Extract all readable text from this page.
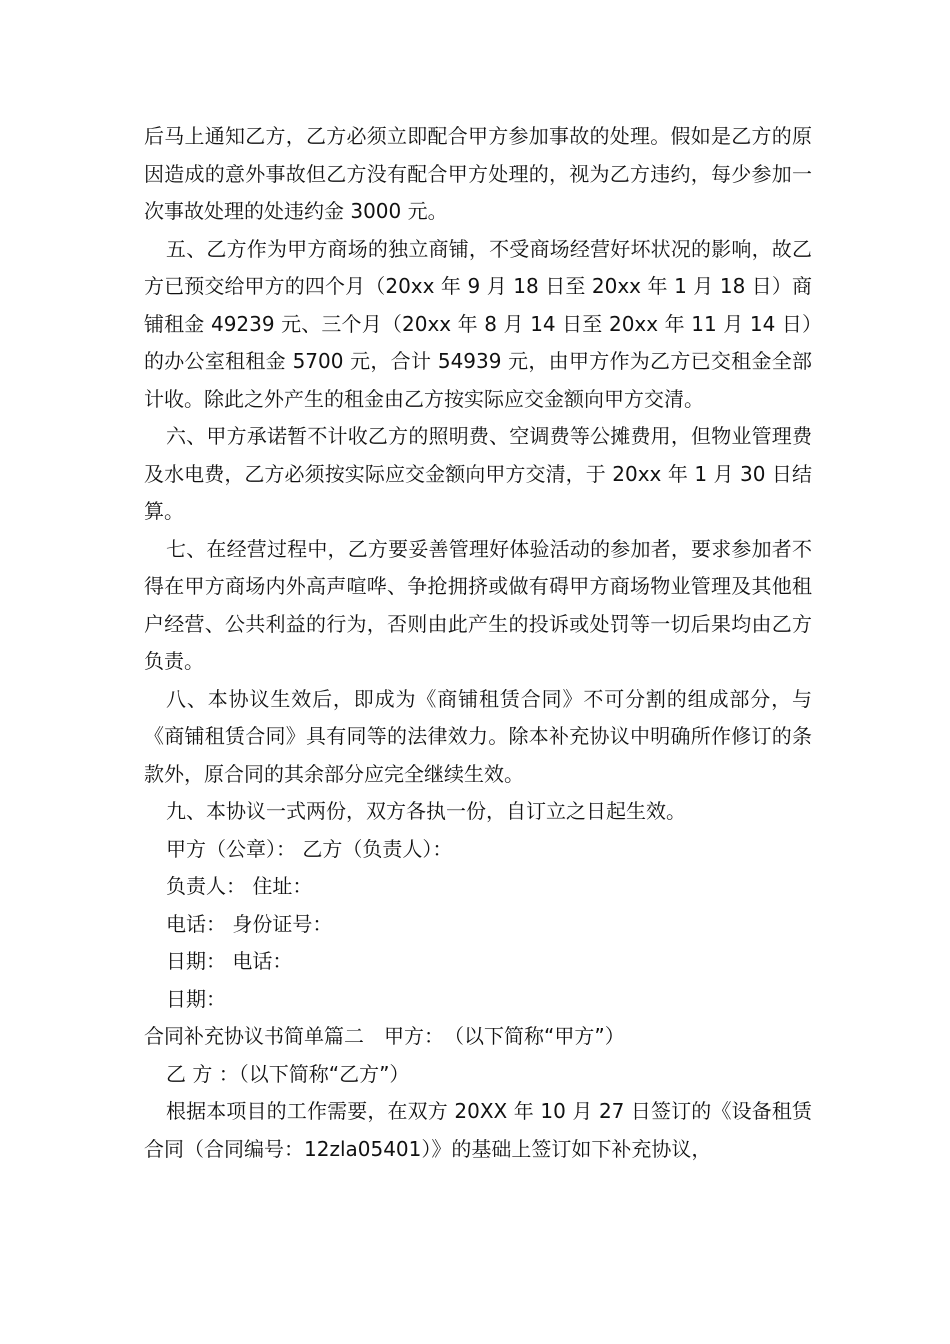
后马上通知乙方，乙方必须立即配合甲方参加事故的处理。假如是乙方的原因造成的意外事故但乙方没有配合甲方处理的，视为乙方违约，每少参加一次事故处理的处违约金 3000 元。

五、乙方作为甲方商场的独立商铺，不受商场经营好坏状况的影响，故乙方已预交给甲方的四个月（20xx 年 9 月 18 日至 20xx 年 1 月 18 日）商铺租金 49239 元、三个月（20xx 年 8 月 14 日至 20xx 年 11 月 14 日）的办公室租租金 5700 元，合计 54939 元，由甲方作为乙方已交租金全部计收。除此之外产生的租金由乙方按实际应交金额向甲方交清。

六、甲方承诺暂不计收乙方的照明费、空调费等公摊费用，但物业管理费及水电费，乙方必须按实际应交金额向甲方交清，于 20xx 年 1 月 30 日结算。

七、在经营过程中，乙方要妥善管理好体验活动的参加者，要求参加者不得在甲方商场内外高声喧哗、争抢拥挤或做有碍甲方商场物业管理及其他租户经营、公共利益的行为，否则由此产生的投诉或处罚等一切后果均由乙方负责。

八、本协议生效后，即成为《商铺租赁合同》不可分割的组成部分，与《商铺租赁合同》具有同等的法律效力。除本补充协议中明确所作修订的条款外，原合同的其余部分应完全继续生效。

九、本协议一式两份，双方各执一份，自订立之日起生效。

甲方（公章）： 乙方（负责人）：

负责人： 住址：

电话： 身份证号：

日期： 电话：

日期：

合同补充协议书简单篇二　甲方：　（以下简称“甲方”）

乙 方 ：（以下简称“乙方”）

根据本项目的工作需要，在双方 20XX 年 10 月 27 日签订的《设备租赁合同（合同编号：12zla05401）》的基础上签订如下补充协议，
